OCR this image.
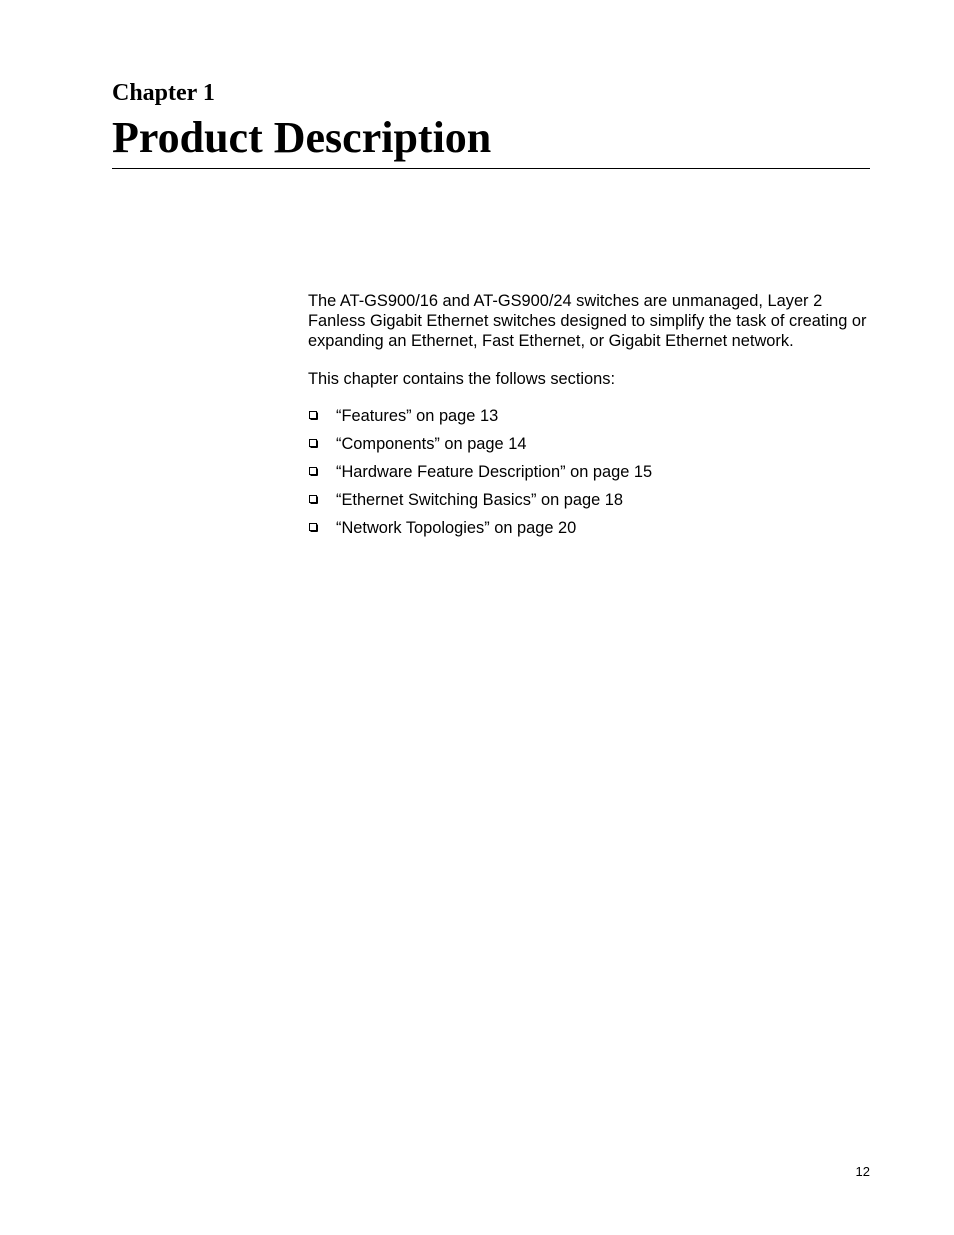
Chapter 1
Product Description

The AT-GS900/16 and AT-GS900/24 switches are unmanaged, Layer 2 Fanless Gigabit Ethernet switches designed to simplify the task of creating or expanding an Ethernet, Fast Ethernet, or Gigabit Ethernet network.

This chapter contains the follows sections:

“Features” on page 13
“Components” on page 14
“Hardware Feature Description” on page 15
“Ethernet Switching Basics” on page 18
“Network Topologies” on page 20

12
